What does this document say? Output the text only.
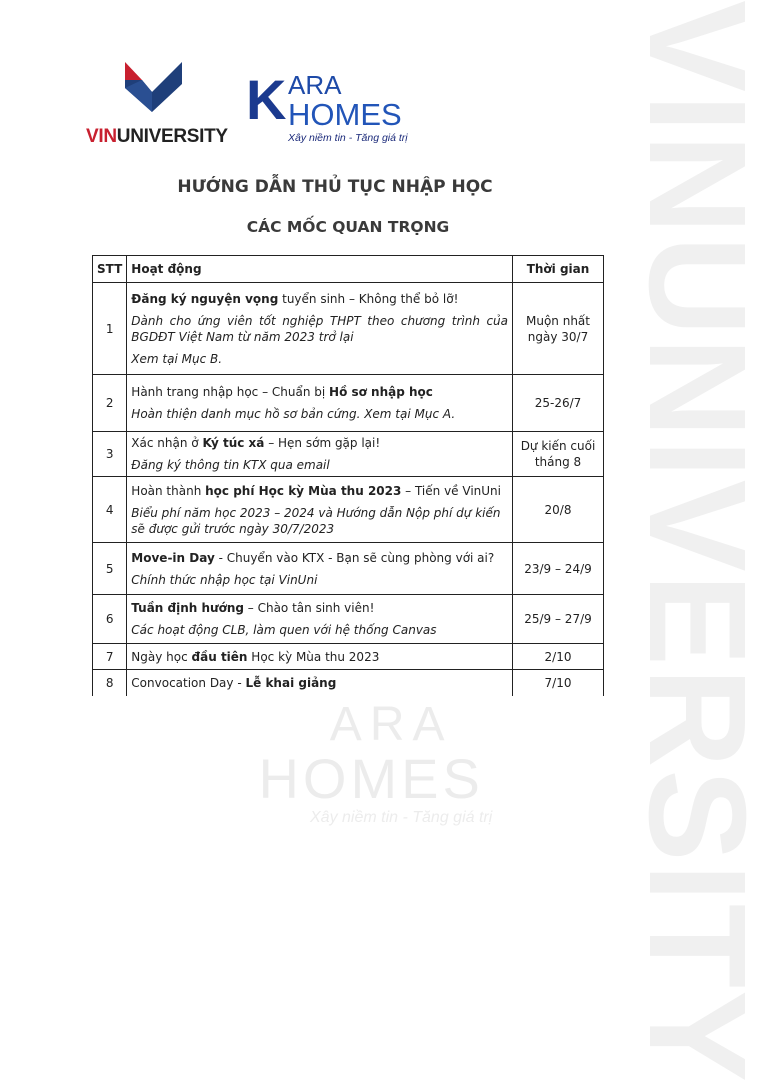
VINUNIVERSITY
ARA
HOMES
Xây niềm tin - Tăng giá trị
VINUNIVERSITY
K ARA
HOMES
Xây niềm tin - Tăng giá trị
HƯỚNG DẪN THỦ TỤC NHẬP HỌC
CÁC MỐC QUAN TRỌNG
STT	Hoạt động	Thời gian
1	Đăng ký nguyện vọng tuyển sinh – Không thể bỏ lỡ!
Dành cho ứng viên tốt nghiệp THPT theo chương trình của BGDĐT Việt Nam từ năm 2023 trở lại
Xem tại Mục B.	Muộn nhất ngày 30/7
2	Hành trang nhập học – Chuẩn bị Hồ sơ nhập học
Hoàn thiện danh mục hồ sơ bản cứng. Xem tại Mục A.	25-26/7
3	Xác nhận ở Ký túc xá – Hẹn sớm gặp lại!
Đăng ký thông tin KTX qua email	Dự kiến cuối tháng 8
4	Hoàn thành học phí Học kỳ Mùa thu 2023 – Tiến về VinUni
Biểu phí năm học 2023 – 2024 và Hướng dẫn Nộp phí dự kiến sẽ được gửi trước ngày 30/7/2023	20/8
5	Move-in Day - Chuyển vào KTX - Bạn sẽ cùng phòng với ai?
Chính thức nhập học tại VinUni	23/9 – 24/9
6	Tuần định hướng – Chào tân sinh viên!
Các hoạt động CLB, làm quen với hệ thống Canvas	25/9 – 27/9
7	Ngày học đầu tiên Học kỳ Mùa thu 2023	2/10
8	Convocation Day - Lễ khai giảng	7/10
